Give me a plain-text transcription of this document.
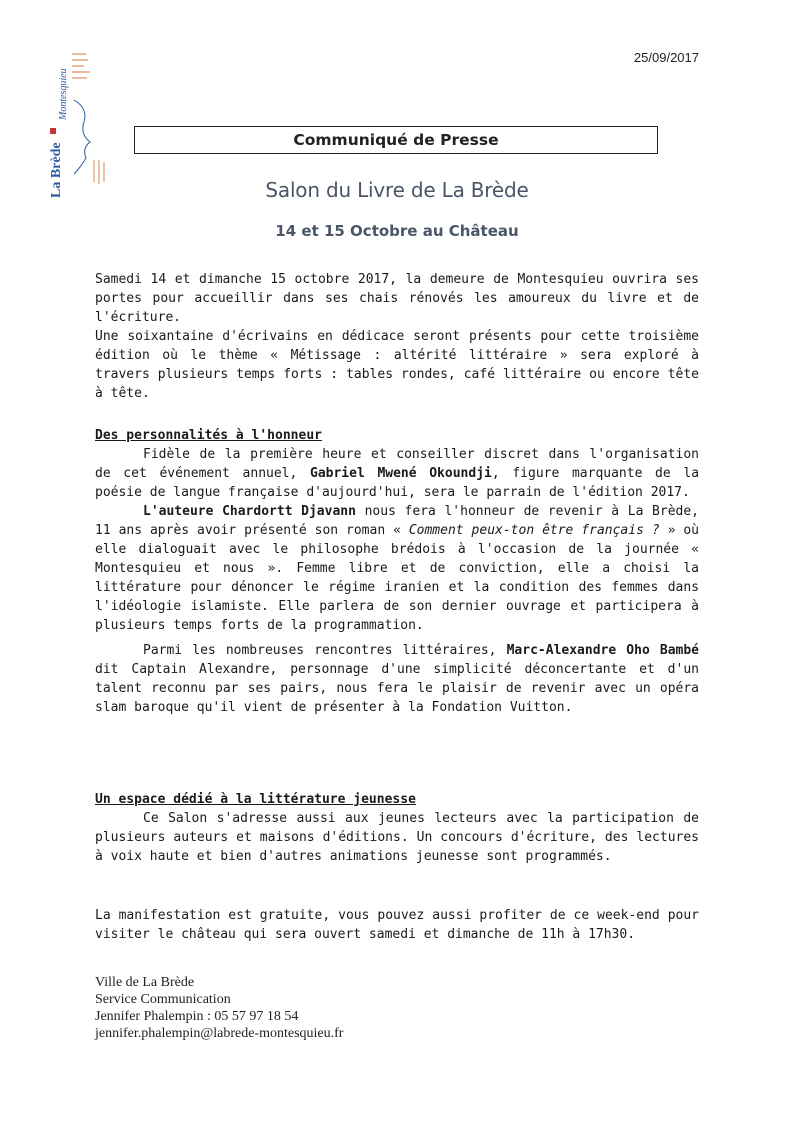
25/09/2017
La Brède
Montesquieu
Communiqué de Presse
Salon du Livre de La Brède
14 et 15 Octobre au Château

Samedi 14 et dimanche 15 octobre 2017, la demeure de Montesquieu ouvrira ses portes pour accueillir dans ses chais rénovés les amoureux du livre et de l'écriture.

Une soixantaine d'écrivains en dédicace seront présents pour cette troisième édition où le thème « Métissage : altérité littéraire » sera exploré à travers plusieurs temps forts : tables rondes, café littéraire ou encore tête à tête.

Des personnalités à l'honneur

Fidèle de la première heure et conseiller discret dans l'organisation de cet événement annuel, Gabriel Mwené Okoundji, figure marquante de la poésie de langue française d'aujourd'hui, sera le parrain de l'édition 2017.

L'auteure Chardortt Djavann nous fera l'honneur de revenir à La Brède, 11 ans après avoir présenté son roman « Comment peux-ton être français ? » où elle dialoguait avec le philosophe brédois à l'occasion de la journée « Montesquieu et nous ». Femme libre et de conviction, elle a choisi la littérature pour dénoncer le régime iranien et la condition des femmes dans l'idéologie islamiste. Elle parlera de son dernier ouvrage et participera à plusieurs temps forts de la programmation.

Parmi les nombreuses rencontres littéraires, Marc-Alexandre Oho Bambé dit Captain Alexandre, personnage d'une simplicité déconcertante et d'un talent reconnu par ses pairs, nous fera le plaisir de revenir avec un opéra slam baroque qu'il vient de présenter à la Fondation Vuitton.

Un espace dédié à la littérature jeunesse

Ce Salon s'adresse aussi aux jeunes lecteurs avec la participation de plusieurs auteurs et maisons d'éditions. Un concours d'écriture, des lectures à voix haute et bien d'autres animations jeunesse sont programmés.

La manifestation est gratuite, vous pouvez aussi profiter de ce week-end pour visiter le château qui sera ouvert samedi et dimanche de 11h à 17h30.

Ville de La Brède
Service Communication
Jennifer Phalempin : 05 57 97 18 54
jennifer.phalempin@labrede-montesquieu.fr
